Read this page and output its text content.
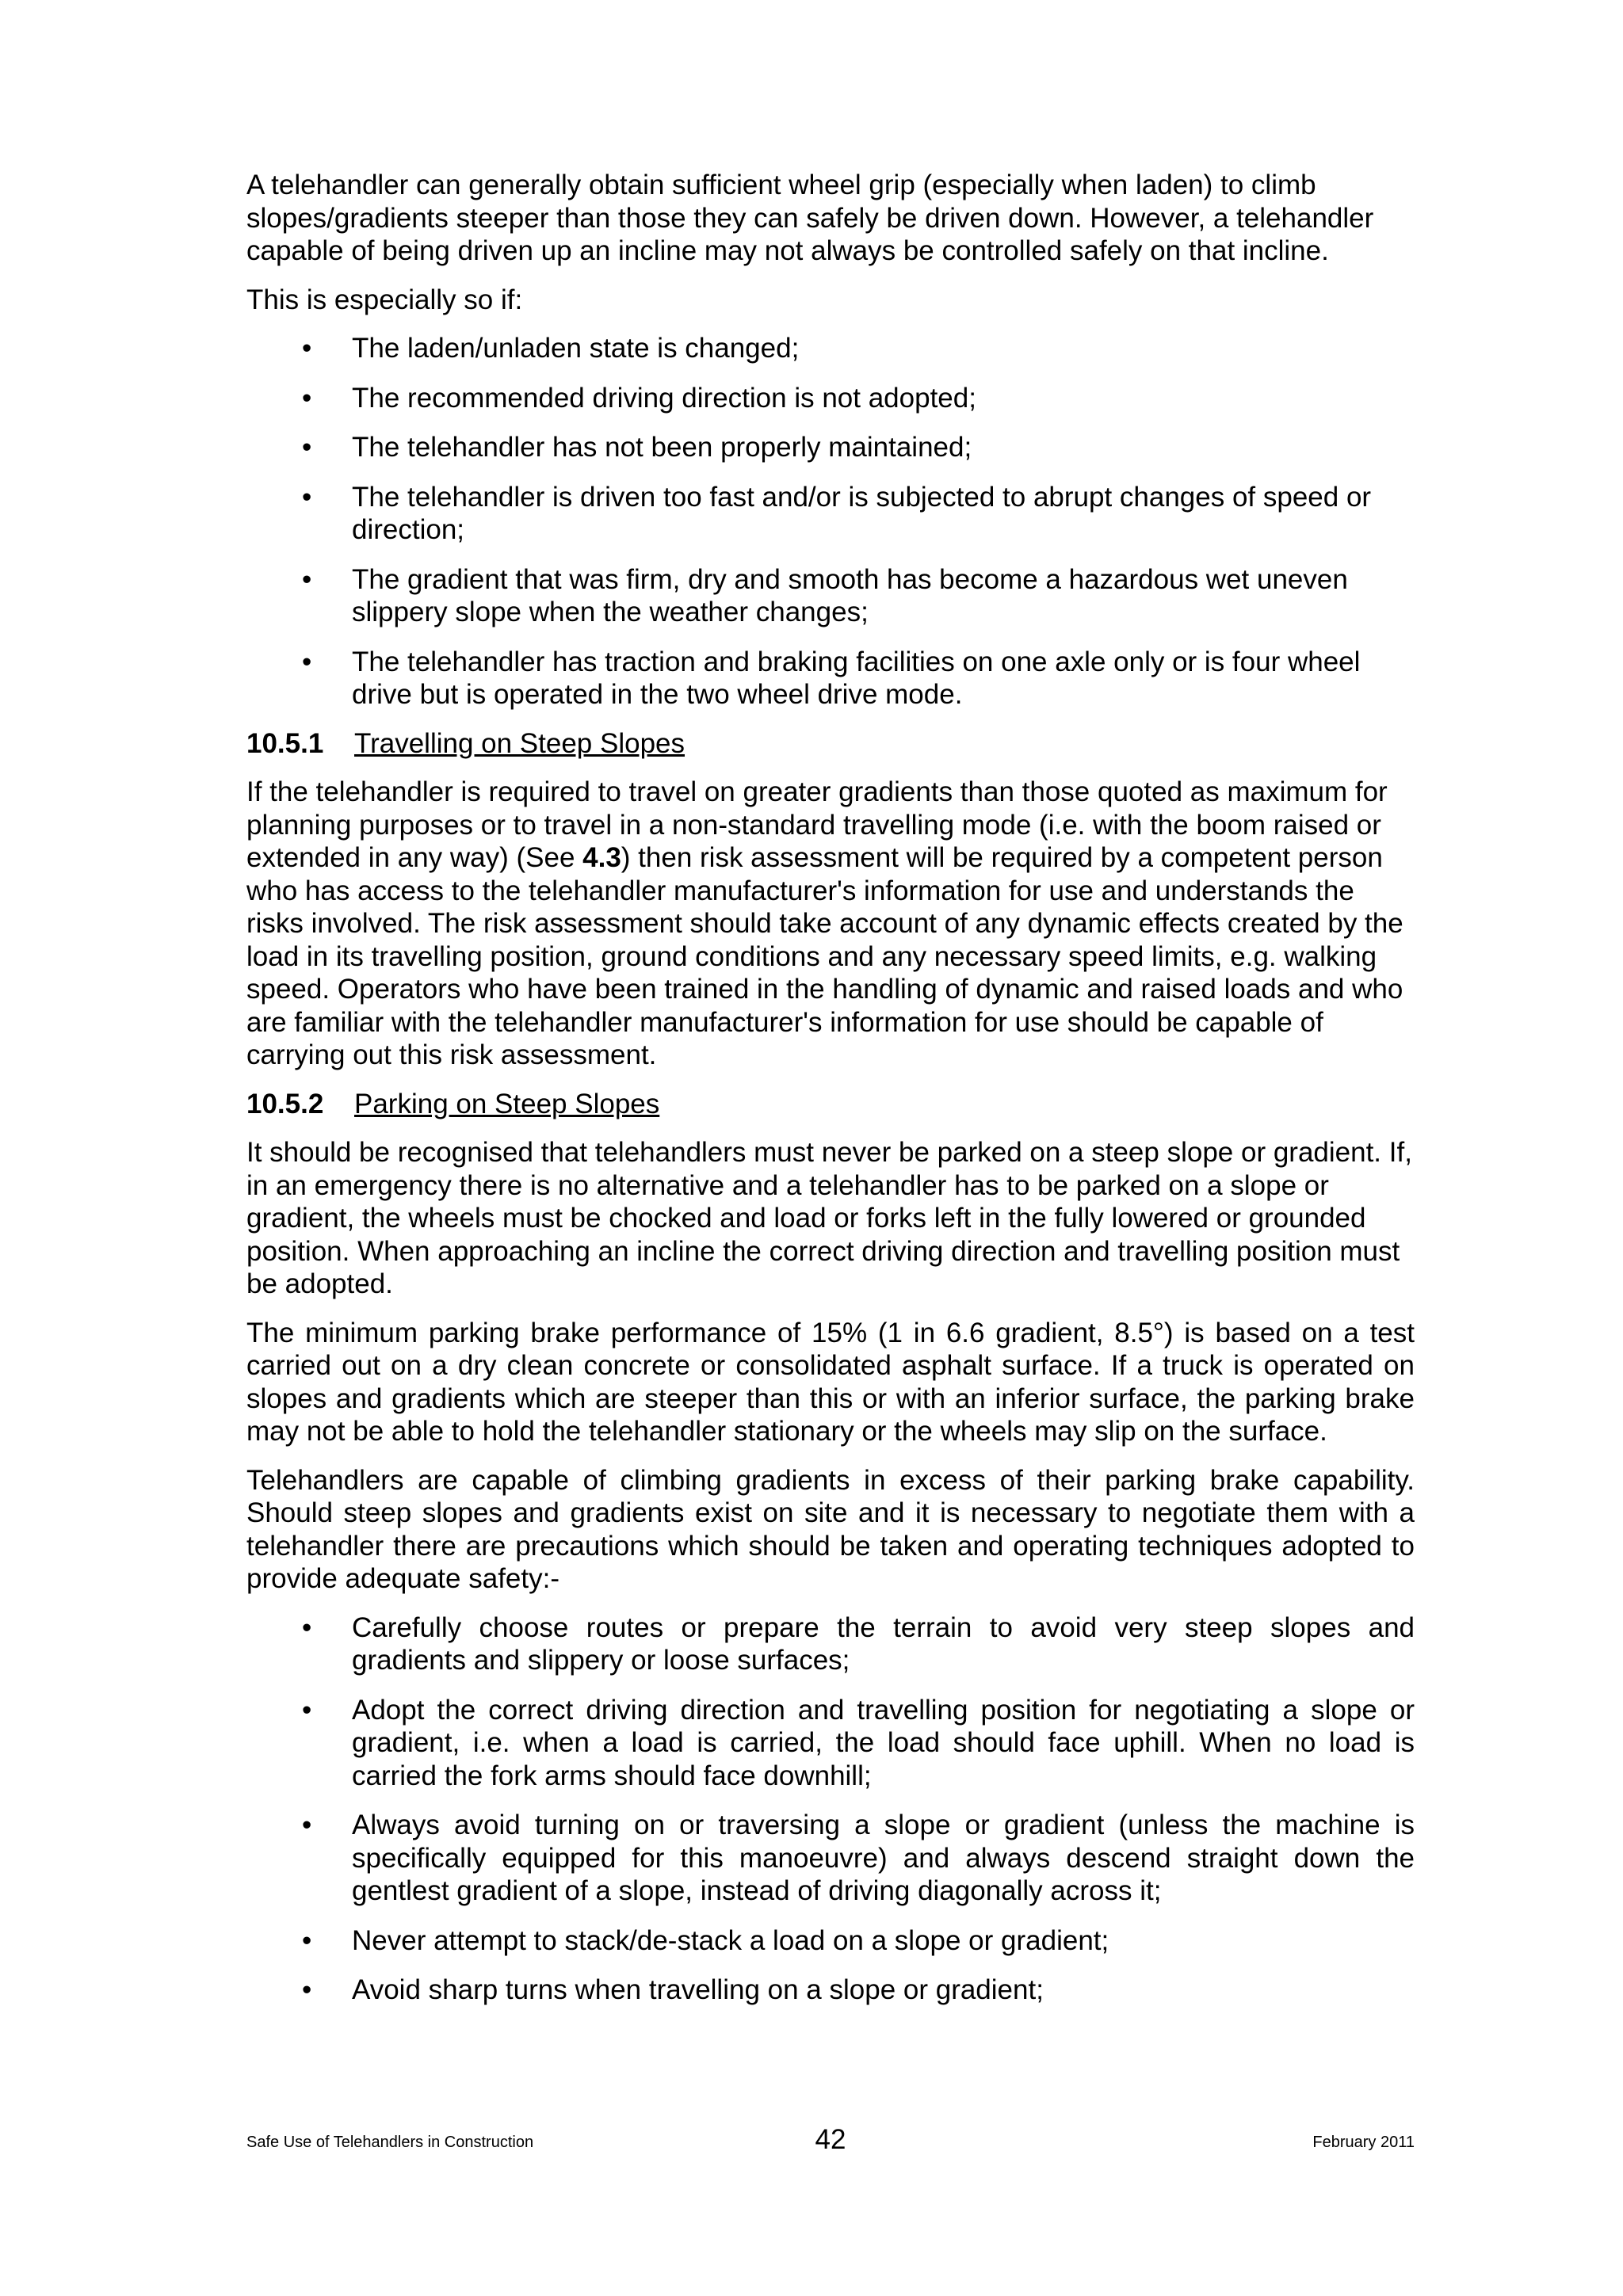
A telehandler can generally obtain sufficient wheel grip (especially when laden) to climb slopes/gradients steeper than those they can safely be driven down. However, a telehandler capable of being driven up an incline may not always be controlled safely on that incline.

This is especially so if:

• The laden/unladen state is changed;
• The recommended driving direction is not adopted;
• The telehandler has not been properly maintained;
• The telehandler is driven too fast and/or is subjected to abrupt changes of speed or direction;
• The gradient that was firm, dry and smooth has become a hazardous wet uneven slippery slope when the weather changes;
• The telehandler has traction and braking facilities on one axle only or is four wheel drive but is operated in the two wheel drive mode.
10.5.1 Travelling on Steep Slopes

If the telehandler is required to travel on greater gradients than those quoted as maximum for planning purposes or to travel in a non-standard travelling mode (i.e. with the boom raised or extended in any way) (See 4.3) then risk assessment will be required by a competent person who has access to the telehandler manufacturer's information for use and understands the risks involved. The risk assessment should take account of any dynamic effects created by the load in its travelling position, ground conditions and any necessary speed limits, e.g. walking speed. Operators who have been trained in the handling of dynamic and raised loads and who are familiar with the telehandler manufacturer's information for use should be capable of carrying out this risk assessment.

10.5.2 Parking on Steep Slopes

It should be recognised that telehandlers must never be parked on a steep slope or gradient. If, in an emergency there is no alternative and a telehandler has to be parked on a slope or gradient, the wheels must be chocked and load or forks left in the fully lowered or grounded position. When approaching an incline the correct driving direction and travelling position must be adopted.

The minimum parking brake performance of 15% (1 in 6.6 gradient, 8.5°) is based on a test carried out on a dry clean concrete or consolidated asphalt surface. If a truck is operated on slopes and gradients which are steeper than this or with an inferior surface, the parking brake may not be able to hold the telehandler stationary or the wheels may slip on the surface.

Telehandlers are capable of climbing gradients in excess of their parking brake capability. Should steep slopes and gradients exist on site and it is necessary to negotiate them with a telehandler there are precautions which should be taken and operating techniques adopted to provide adequate safety:-

• Carefully choose routes or prepare the terrain to avoid very steep slopes and gradients and slippery or loose surfaces;
• Adopt the correct driving direction and travelling position for negotiating a slope or gradient, i.e. when a load is carried, the load should face uphill. When no load is carried the fork arms should face downhill;
• Always avoid turning on or traversing a slope or gradient (unless the machine is specifically equipped for this manoeuvre) and always descend straight down the gentlest gradient of a slope, instead of driving diagonally across it;
• Never attempt to stack/de-stack a load on a slope or gradient;
• Avoid sharp turns when travelling on a slope or gradient;
Safe Use of Telehandlers in Construction	42	February 2011
